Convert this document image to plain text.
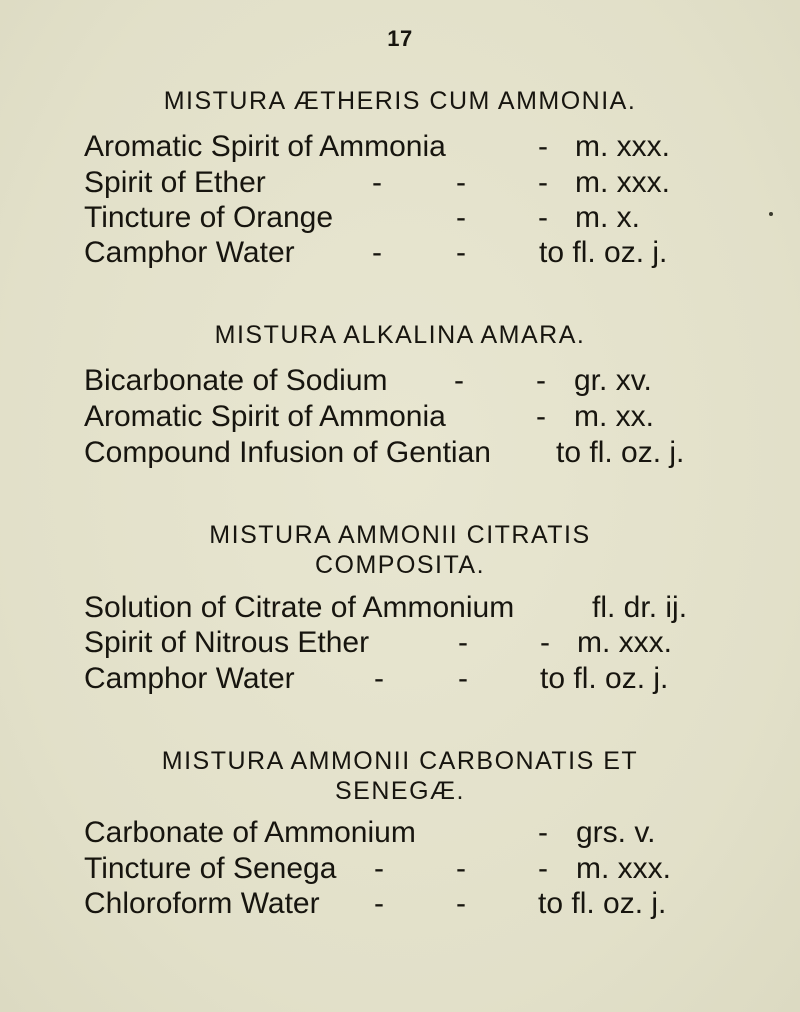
17
MISTURA ÆTHERIS CUM AMMONIA.
Aromatic Spirit of Ammonia	- m. xxx.
Spirit of Ether	- - - m. xxx.
Tincture of Orange	- - m. x.
Camphor Water	- - to fl. oz. j.
MISTURA ALKALINA AMARA.
Bicarbonate of Sodium - - gr. xv.
Aromatic Spirit of Ammonia	- m. xx.
Compound Infusion of Gentian to fl. oz. j.
MISTURA AMMONII CITRATIS
COMPOSITA.
Solution of Citrate of Ammonium	fl. dr. ij.
Spirit of Nitrous Ether	- - m. xxx.
Camphor Water	- - to fl. oz. j.
MISTURA AMMONII CARBONATIS ET
SENEGÆ.
Carbonate of Ammonium	- grs. v.
Tincture of Senega - - - m. xxx.
Chloroform Water - - to fl. oz. j.
